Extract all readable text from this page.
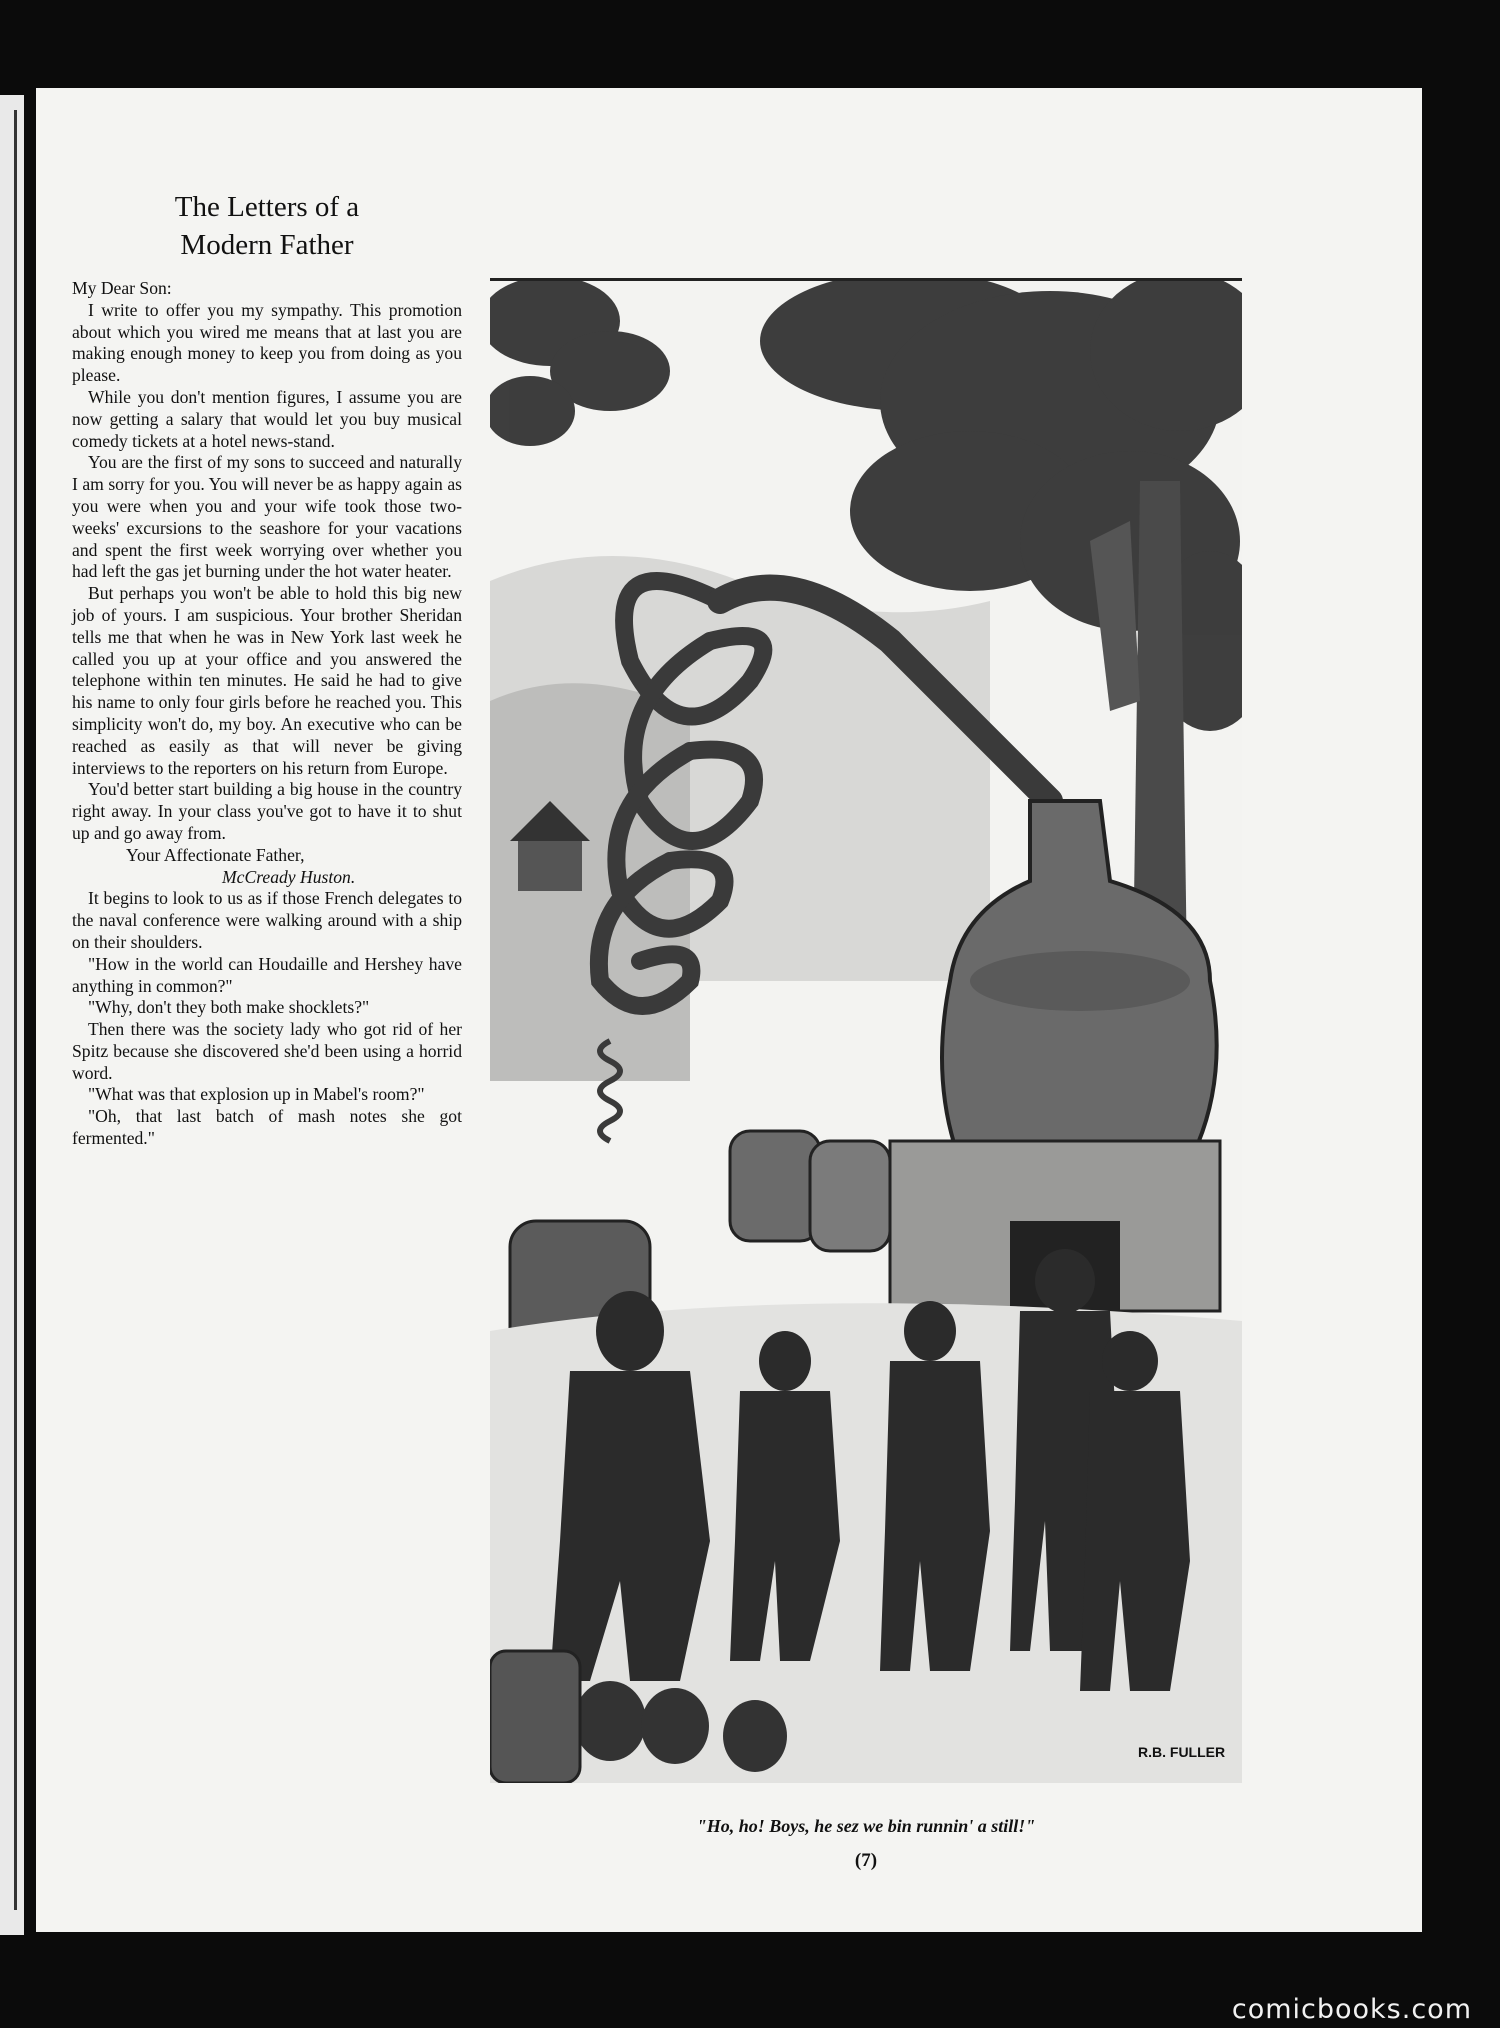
The Letters of a
Modern Father

My Dear Son:

I write to offer you my sympathy. This promotion about which you wired me means that at last you are making enough money to keep you from doing as you please.

While you don't mention figures, I assume you are now getting a salary that would let you buy musical comedy tickets at a hotel news-stand.

You are the first of my sons to succeed and naturally I am sorry for you. You will never be as happy again as you were when you and your wife took those two-weeks' excursions to the seashore for your vacations and spent the first week worrying over whether you had left the gas jet burning under the hot water heater.

But perhaps you won't be able to hold this big new job of yours. I am suspicious. Your brother Sheridan tells me that when he was in New York last week he called you up at your office and you answered the telephone within ten minutes. He said he had to give his name to only four girls before he reached you. This simplicity won't do, my boy. An executive who can be reached as easily as that will never be giving interviews to the reporters on his return from Europe.

You'd better start building a big house in the country right away. In your class you've got to have it to shut up and go away from.

Your Affectionate Father,

McCready Huston.

It begins to look to us as if those French delegates to the naval conference were walking around with a ship on their shoulders.

"How in the world can Houdaille and Hershey have anything in common?"

"Why, don't they both make shocklets?"

Then there was the society lady who got rid of her Spitz because she discovered she'd been using a horrid word.

"What was that explosion up in Mabel's room?"

"Oh, that last batch of mash notes she got fermented."

R.B. FULLER
"Ho, ho! Boys, he sez we bin runnin' a still!"
(7)
comicbooks.com
